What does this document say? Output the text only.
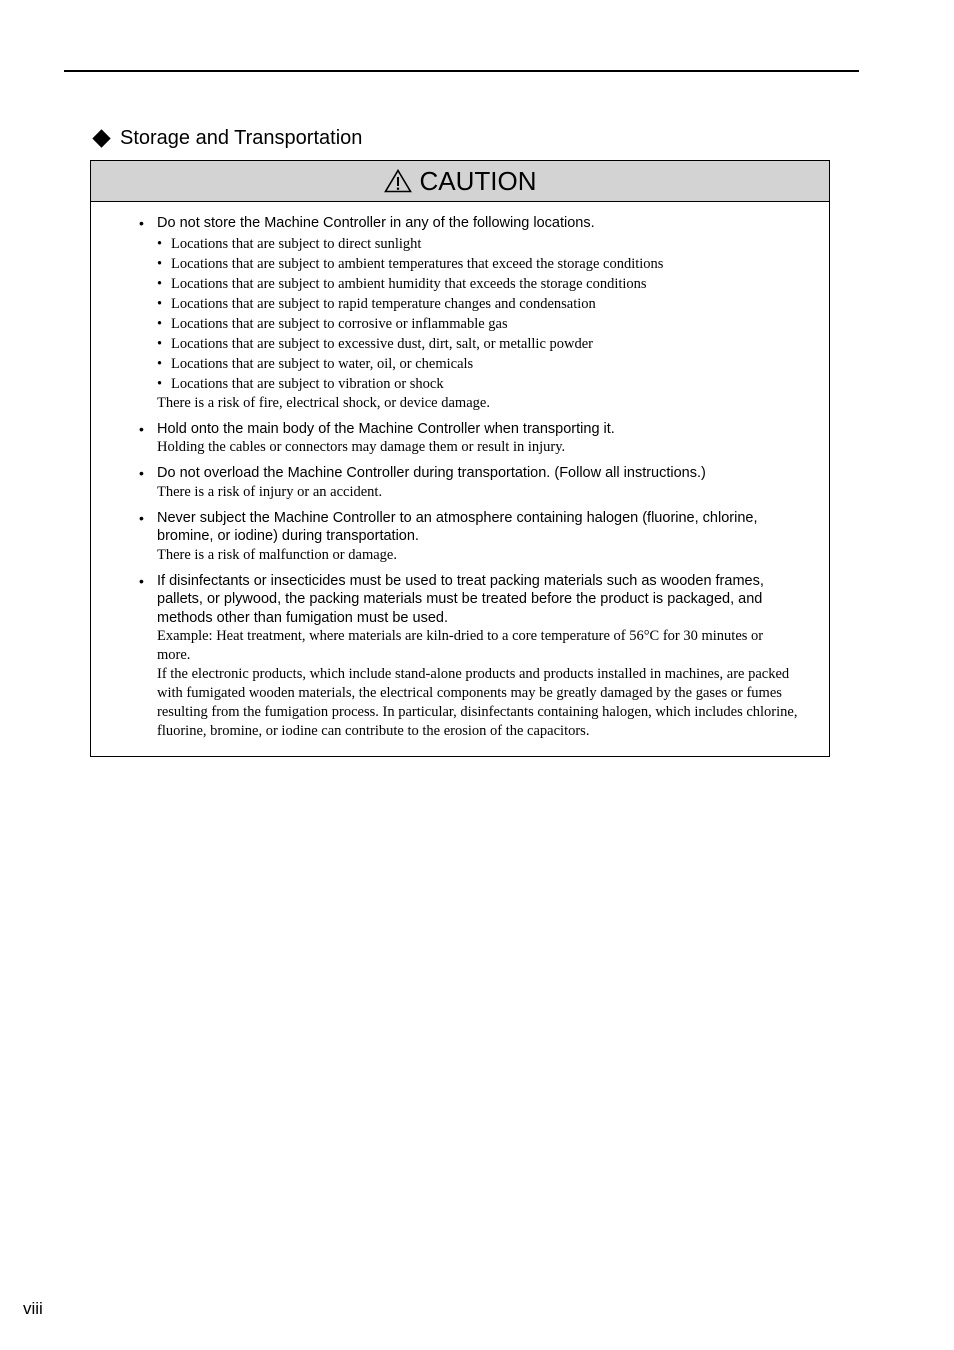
Storage and Transportation
CAUTION
• Do not store the Machine Controller in any of the following locations.
• Locations that are subject to direct sunlight
• Locations that are subject to ambient temperatures that exceed the storage conditions
• Locations that are subject to ambient humidity that exceeds the storage conditions
• Locations that are subject to rapid temperature changes and condensation
• Locations that are subject to corrosive or inflammable gas
• Locations that are subject to excessive dust, dirt, salt, or metallic powder
• Locations that are subject to water, oil, or chemicals
• Locations that are subject to vibration or shock
There is a risk of fire, electrical shock, or device damage.
• Hold onto the main body of the Machine Controller when transporting it.
Holding the cables or connectors may damage them or result in injury.
• Do not overload the Machine Controller during transportation. (Follow all instructions.)
There is a risk of injury or an accident.
• Never subject the Machine Controller to an atmosphere containing halogen (fluorine, chlorine, bromine, or iodine) during transportation.
There is a risk of malfunction or damage.
• If disinfectants or insecticides must be used to treat packing materials such as wooden frames, pallets, or plywood, the packing materials must be treated before the product is packaged, and methods other than fumigation must be used.
Example: Heat treatment, where materials are kiln-dried to a core temperature of 56°C for 30 minutes or more.
If the electronic products, which include stand-alone products and products installed in machines, are packed with fumigated wooden materials, the electrical components may be greatly damaged by the gases or fumes resulting from the fumigation process. In particular, disinfectants containing halogen, which includes chlorine, fluorine, bromine, or iodine can contribute to the erosion of the capacitors.
viii
